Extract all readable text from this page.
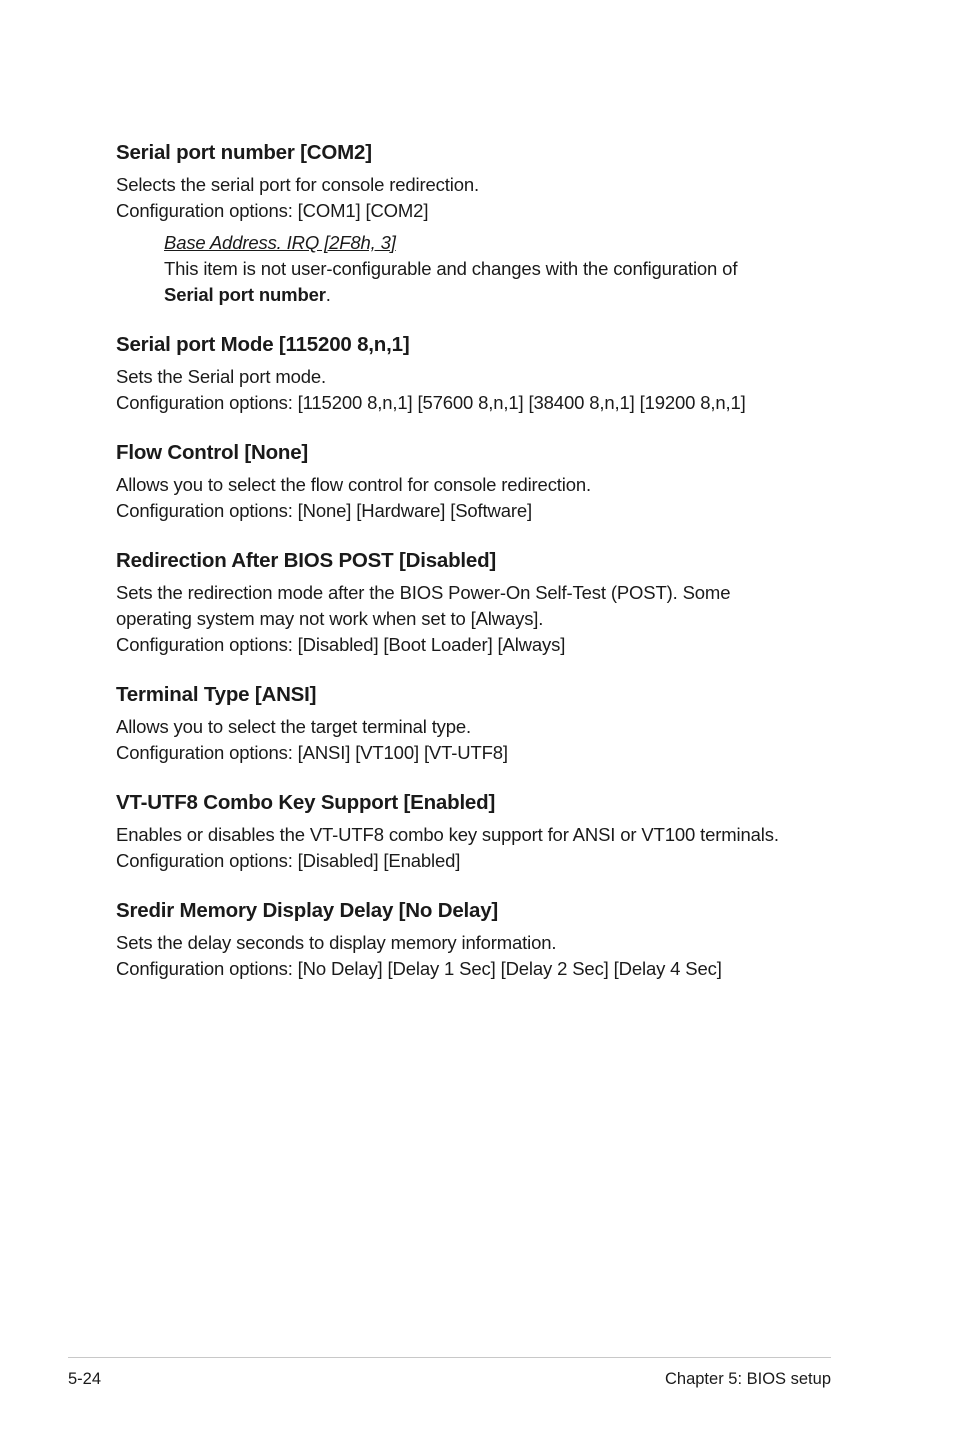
Serial port number [COM2]
Selects the serial port for console redirection.
Configuration options: [COM1] [COM2]
Base Address. IRQ [2F8h, 3]
This item is not user-configurable and changes with the configuration of
Serial port number.
Serial port Mode [115200 8,n,1]
Sets the Serial port mode.
Configuration options: [115200 8,n,1] [57600 8,n,1] [38400 8,n,1] [19200 8,n,1]
Flow Control [None]
Allows you to select the flow control for console redirection.
Configuration options: [None] [Hardware] [Software]
Redirection After BIOS POST [Disabled]
Sets the redirection mode after the BIOS Power-On Self-Test (POST). Some
operating system may not work when set to [Always].
Configuration options: [Disabled] [Boot Loader] [Always]
Terminal Type [ANSI]
Allows you to select the target terminal type.
Configuration options: [ANSI] [VT100] [VT-UTF8]
VT-UTF8 Combo Key Support [Enabled]
Enables or disables the VT-UTF8 combo key support for ANSI or VT100 terminals.
Configuration options: [Disabled] [Enabled]
Sredir Memory Display Delay [No Delay]
Sets the delay seconds to display memory information.
Configuration options: [No Delay] [Delay 1 Sec] [Delay 2 Sec] [Delay 4 Sec]
5-24	Chapter 5: BIOS setup
